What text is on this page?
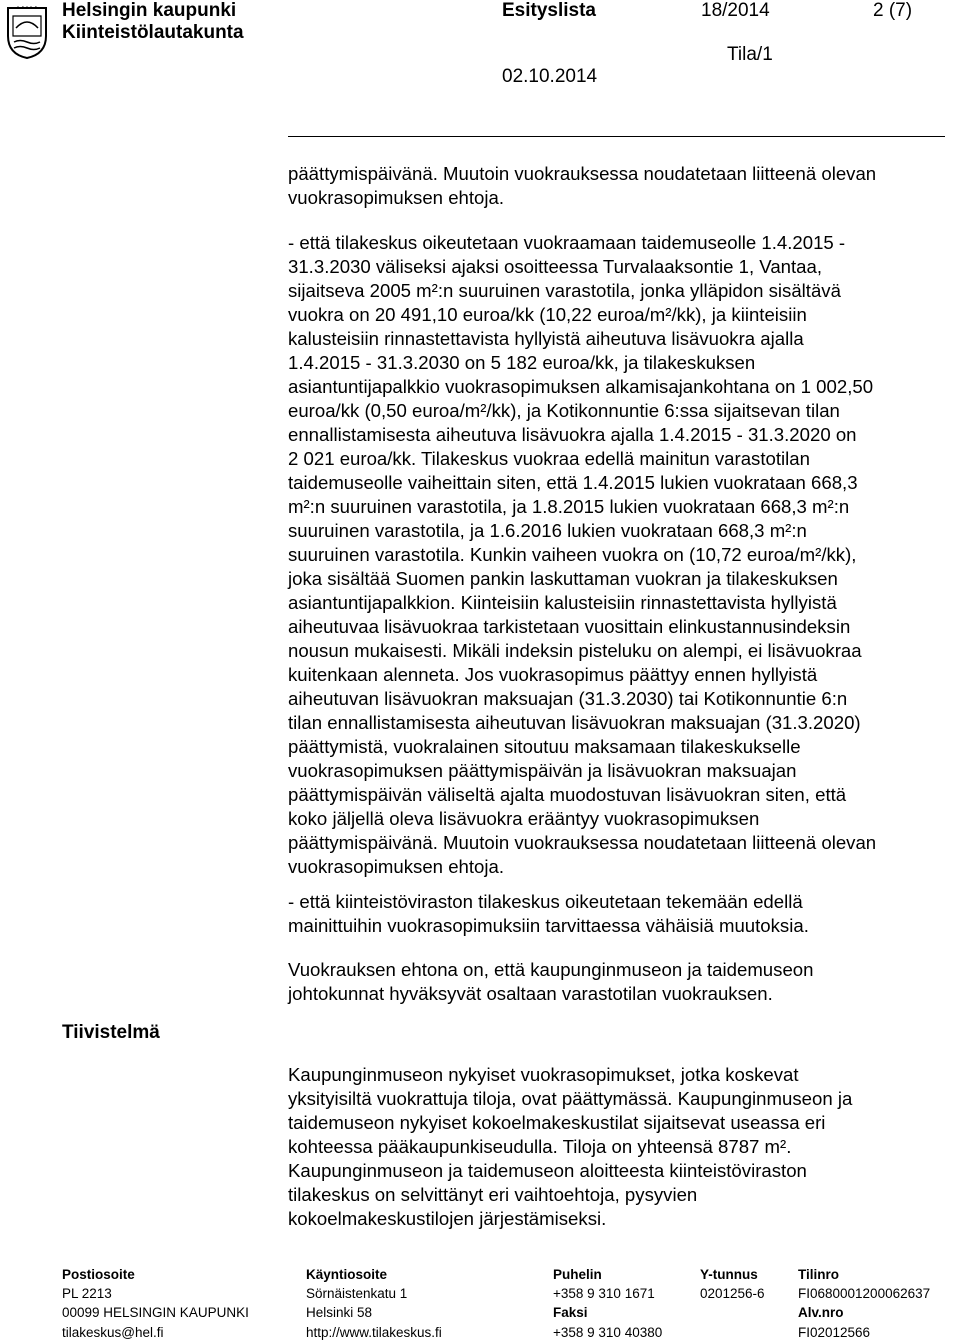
Helsingin kaupunki
Kiinteistölautakunta
Esityslista	18/2014	2 (7)
Tila/1
02.10.2014
päättymispäivänä. Muutoin vuokrauksessa noudatetaan liitteenä olevan
vuokrasopimuksen ehtoja.
- että tilakeskus oikeutetaan vuokraamaan taidemuseolle 1.4.2015 -
31.3.2030 väliseksi ajaksi osoitteessa Turvalaaksontie 1, Vantaa,
sijaitseva 2005 m²:n suuruinen varastotila, jonka ylläpidon sisältävä
vuokra on 20 491,10 euroa/kk (10,22 euroa/m²/kk), ja kiinteisiin
kalusteisiin rinnastettavista hyllyistä aiheutuva lisävuokra ajalla
1.4.2015 - 31.3.2030 on 5 182 euroa/kk, ja tilakeskuksen
asiantuntijapalkkio vuokrasopimuksen alkamisajankohtana on 1 002,50
euroa/kk (0,50 euroa/m²/kk), ja Kotikonnuntie 6:ssa sijaitsevan tilan
ennallistamisesta aiheutuva lisävuokra ajalla 1.4.2015 - 31.3.2020 on
2 021 euroa/kk. Tilakeskus vuokraa edellä mainitun varastotilan
taidemuseolle vaiheittain siten, että 1.4.2015 lukien vuokrataan 668,3
m²:n suuruinen varastotila, ja 1.8.2015 lukien vuokrataan 668,3 m²:n
suuruinen varastotila, ja 1.6.2016 lukien vuokrataan 668,3 m²:n
suuruinen varastotila. Kunkin vaiheen vuokra on (10,72 euroa/m²/kk),
joka sisältää Suomen pankin laskuttaman vuokran ja tilakeskuksen
asiantuntijapalkkion. Kiinteisiin kalusteisiin rinnastettavista hyllyistä
aiheutuvaa lisävuokraa tarkistetaan vuosittain elinkustannusindeksin
nousun mukaisesti. Mikäli indeksin pisteluku on alempi, ei lisävuokraa
kuitenkaan alenneta. Jos vuokrasopimus päättyy ennen hyllyistä
aiheutuvan lisävuokran maksuajan (31.3.2030) tai Kotikonnuntie 6:n
tilan ennallistamisesta aiheutuvan lisävuokran maksuajan (31.3.2020)
päättymistä, vuokralainen sitoutuu maksamaan tilakeskukselle
vuokrasopimuksen päättymispäivän ja lisävuokran maksuajan
päättymispäivän väliseltä ajalta muodostuvan lisävuokran siten, että
koko jäljellä oleva lisävuokra erääntyy vuokrasopimuksen
päättymispäivänä. Muutoin vuokrauksessa noudatetaan liitteenä olevan
vuokrasopimuksen ehtoja.
- että kiinteistöviraston tilakeskus oikeutetaan tekemään edellä
mainittuihin vuokrasopimuksiin tarvittaessa vähäisiä muutoksia.
Vuokrauksen ehtona on, että kaupunginmuseon ja taidemuseon
johtokunnat hyväksyvät osaltaan varastotilan vuokrauksen.
Tiivistelmä
Kaupunginmuseon nykyiset vuokrasopimukset, jotka koskevat
yksityisiltä vuokrattuja tiloja, ovat päättymässä. Kaupunginmuseon ja
taidemuseon nykyiset kokoelmakeskustilat sijaitsevat useassa eri
kohteessa pääkaupunkiseudulla. Tiloja on yhteensä 8787 m².
Kaupunginmuseon ja taidemuseon aloitteesta kiinteistöviraston
tilakeskus on selvittänyt eri vaihtoehtoja, pysyvien
kokoelmakeskustilojen järjestämiseksi.
Postiosoite
PL 2213
00099 HELSINGIN KAUPUNKI
tilakeskus@hel.fi
Käyntiosoite
Sörnäistenkatu 1
Helsinki 58
http://www.tilakeskus.fi
Puhelin
+358 9 310 1671
Faksi
+358 9 310 40380
Y-tunnus
0201256-6
Tilinro
FI0680001200062637
Alv.nro
FI02012566
